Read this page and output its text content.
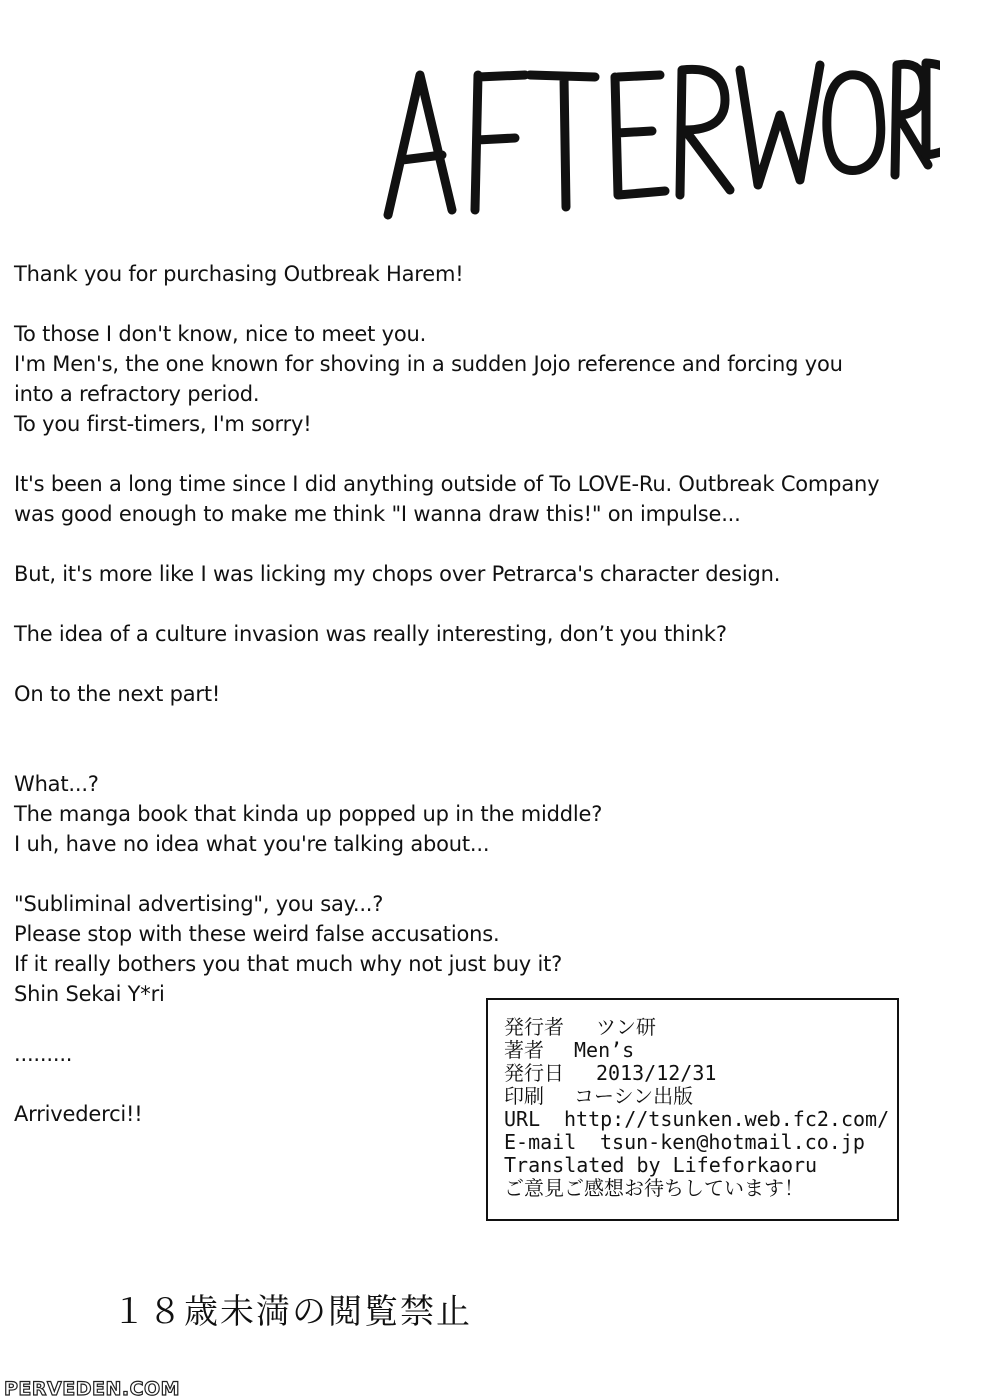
Thank you for purchasing Outbreak Harem!

To those I don't know, nice to meet you.

I'm Men's, the one known for shoving in a sudden Jojo reference and forcing you

into a refractory period.

To you first-timers, I'm sorry!

It's been a long time since I did anything outside of To LOVE-Ru. Outbreak Company

was good enough to make me think "I wanna draw this!" on impulse...

But, it's more like I was licking my chops over Petrarca's character design.

The idea of a culture invasion was really interesting, don’t you think?

On to the next part!

What...?

The manga book that kinda up popped up in the middle?

I uh, have no idea what you're talking about...

"Subliminal advertising", you say...?

Please stop with these weird false accusations.

If it really bothers you that much why not just buy it?

Shin Sekai Y*ri

.........

Arrivederci!!

発行者	ツン研
著者	Men’s
発行日	2013/12/31
印刷	コーシン出版
URL	http://tsunken.web.fc2.com/
E-mail	tsun-ken@hotmail.co.jp
Translated by Lifeforkaoru
ご意見ご感想お待ちしています！
１８歳未満の閲覧禁止
PERVEDEN.COM
